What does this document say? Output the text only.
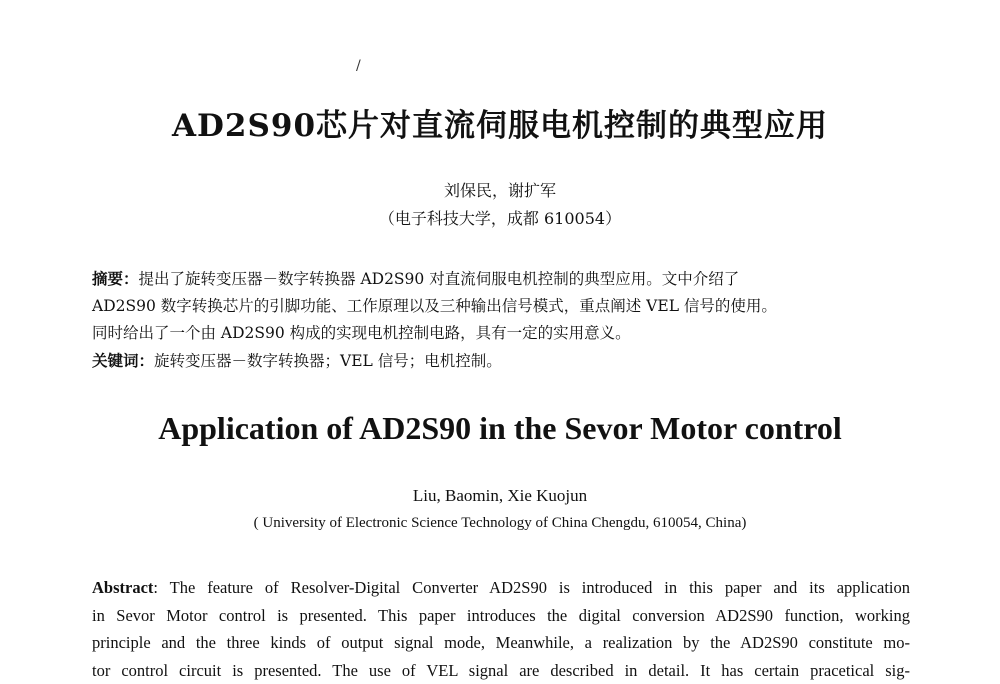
/
AD2S90芯片对直流伺服电机控制的典型应用
刘保民，谢扩军
（电子科技大学，成都 610054）
摘要：提出了旋转变压器－数字转换器 AD2S90 对直流伺服电机控制的典型应用。文中介绍了
AD2S90 数字转换芯片的引脚功能、工作原理以及三种输出信号模式，重点阐述 VEL 信号的使用。
同时给出了一个由 AD2S90 构成的实现电机控制电路，具有一定的实用意义。
关键词：旋转变压器－数字转换器；VEL 信号；电机控制。
Application of AD2S90 in the Sevor Motor control
Liu, Baomin, Xie Kuojun
( University of Electronic Science Technology of China Chengdu, 610054, China)
Abstract: The feature of Resolver-Digital Converter AD2S90 is introduced in this paper and its application
in Sevor Motor control is presented. This paper introduces the digital conversion AD2S90 function, working
principle and the three kinds of output signal mode, Meanwhile, a realization by the AD2S90 constitute mo-
tor control circuit is presented. The use of VEL signal are described in detail. It has certain pracetical sig-
